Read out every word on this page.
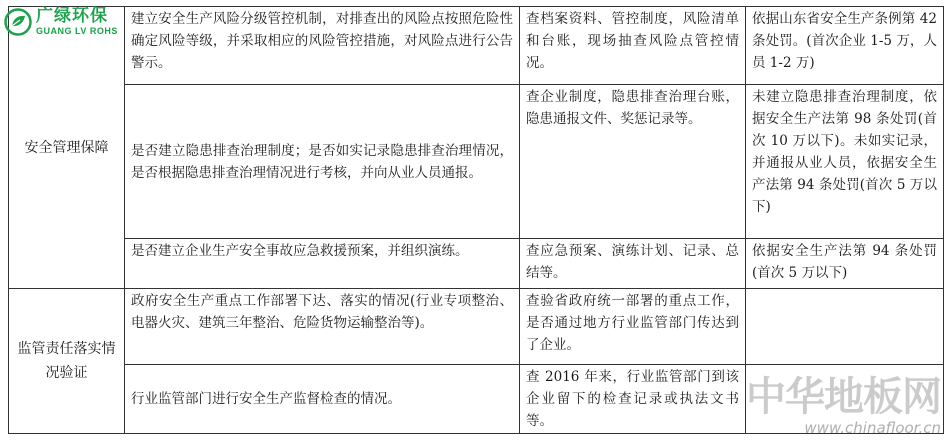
广绿环保
GUANG LV ROHS
安全管理保障	建立安全生产风险分级管控机制，对排查出的风险点按照危险性确定风险等级，并采取相应的风险管控措施，对风险点进行公告警示。	查档案资料、管控制度，风险清单和台账，现场抽查风险点管控情况。	依据山东省安全生产条例第 42 条处罚。(首次企业 1-5 万，人员 1-2 万)
	是否建立隐患排查治理制度；是否如实记录隐患排查治理情况，是否根据隐患排查治理情况进行考核，并向从业人员通报。	查企业制度，隐患排查治理台账，隐患通报文件、奖惩记录等。	未建立隐患排查治理制度，依据安全生产法第 98 条处罚(首次 10 万以下)。未如实记录，并通报从业人员，依据安全生产法第 94 条处罚(首次 5 万以下)
	是否建立企业生产安全事故应急救援预案，并组织演练。	查应急预案、演练计划、记录、总结等。	依据安全生产法第 94 条处罚 (首次 5 万以下)
监管责任落实情况验证	政府安全生产重点工作部署下达、落实的情况(行业专项整治、电器火灾、建筑三年整治、危险货物运输整治等)。	查验省政府统一部署的重点工作，是否通过地方行业监管部门传达到了企业。	
	行业监管部门进行安全生产监督检查的情况。	查 2016 年来，行业监管部门到该企业留下的检查记录或执法文书等。	
中华地板网
www.chinafloor.cn
